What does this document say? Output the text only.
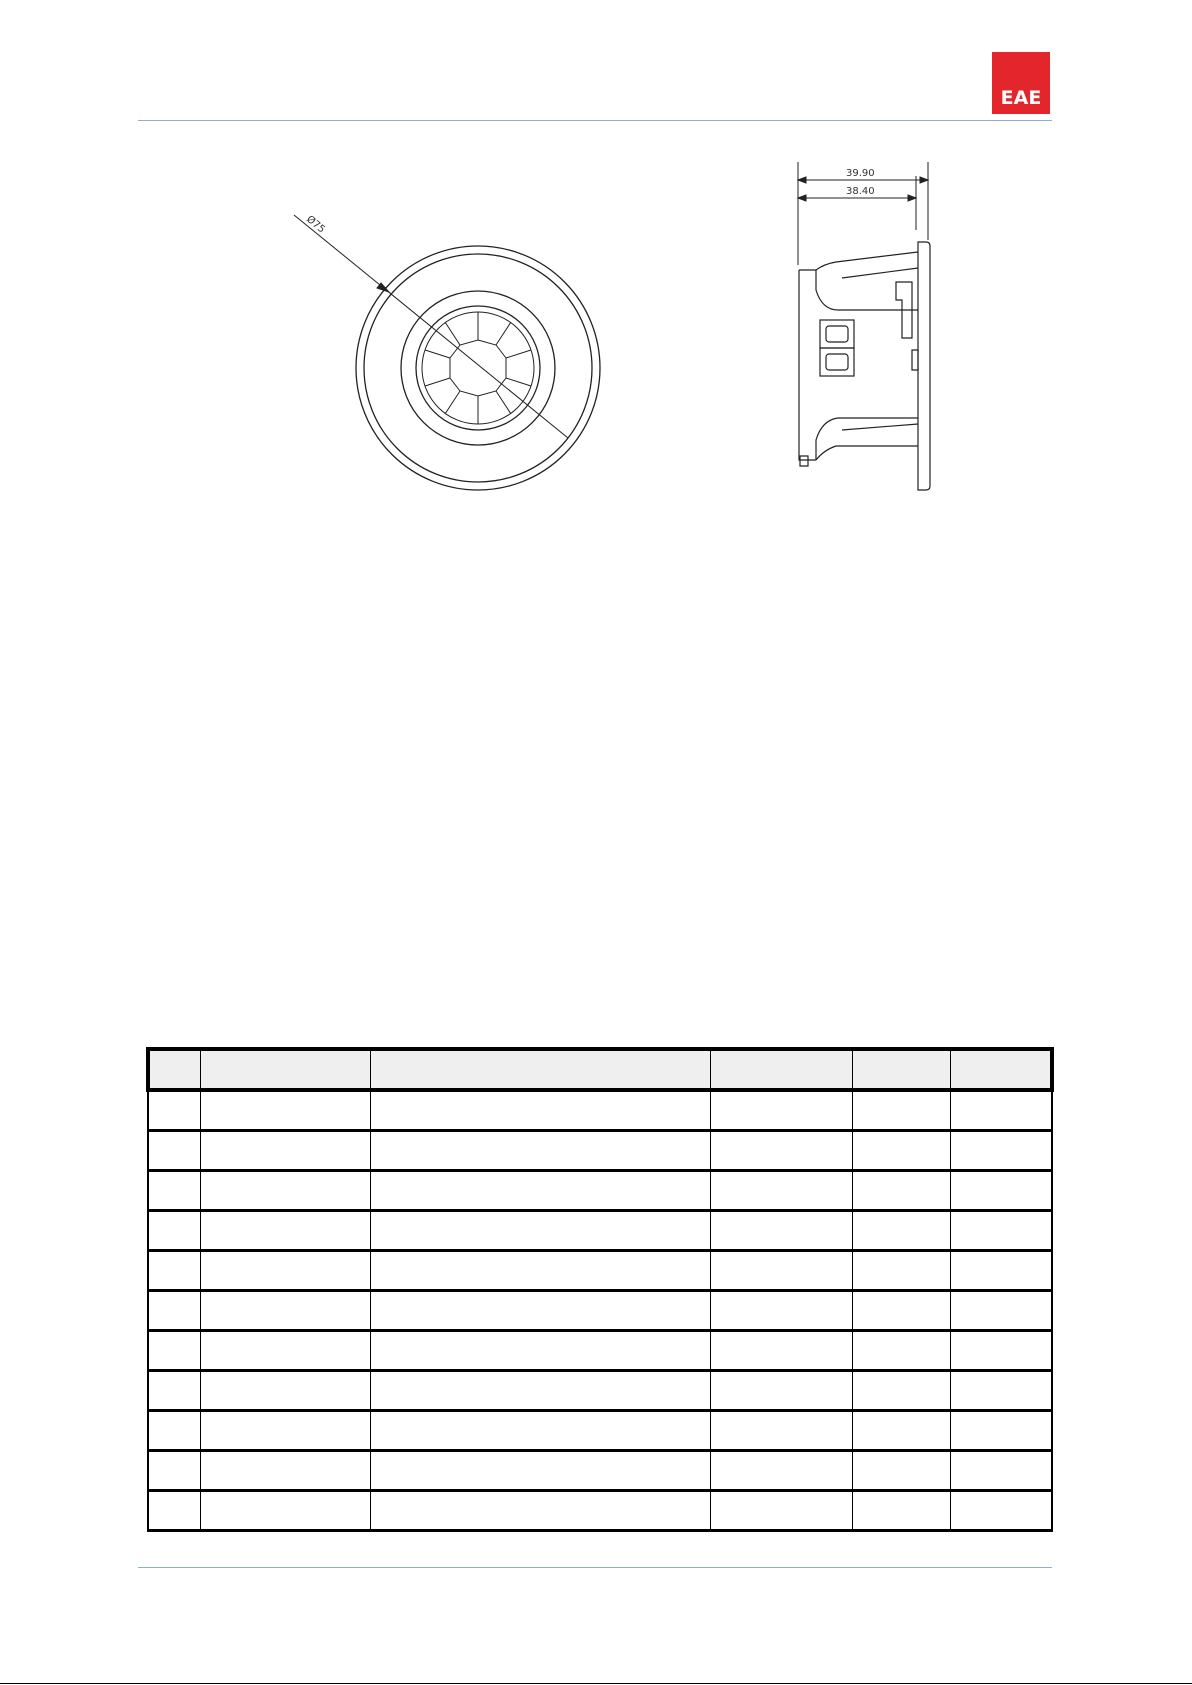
EAE
Ø75
39.90
38.40
